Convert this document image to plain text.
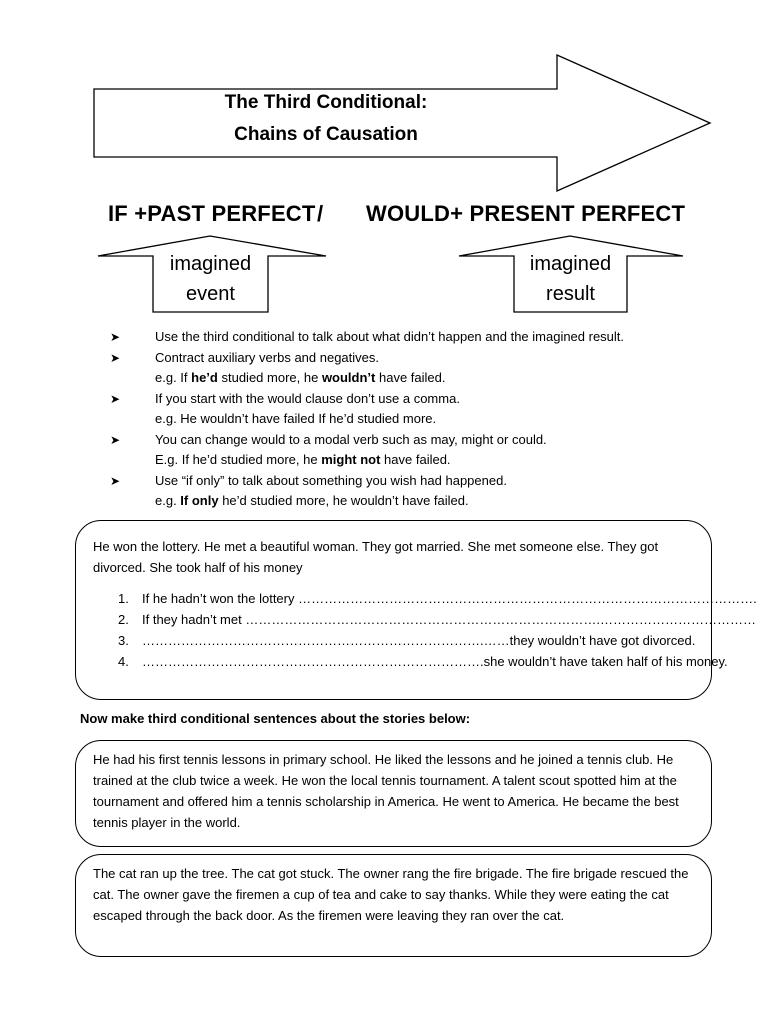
The Third Conditional:
Chains of Causation
IF +PAST PERFECT / WOULD+ PRESENT PERFECT
imagined
event
imagined
result
➤	Use the third conditional to talk about what didn’t happen and the imagined result.
➤	Contract auxiliary verbs and negatives.
e.g. If he’d studied more, he wouldn’t have failed.
➤	If you start with the would clause don’t use a comma.
e.g. He wouldn’t have failed If he’d studied more.
➤	You can change would to a modal verb such as may, might or could.
E.g. If he’d studied more, he might not have failed.
➤	Use “if only” to talk about something you wish had happened.
e.g. If only he’d studied more, he wouldn’t have failed.
He won the lottery. He met a beautiful woman. They got married. She met someone else. They got divorced. She took half of his money
1. If he hadn’t won the lottery …………………………………………………………………………………………….
2. If they hadn’t met ……………………………………………………………………….………………………………
3. …………………………………………………………………….……they wouldn’t have got divorced.
4. …………………………………………………………………….she wouldn’t have taken half of his money.
Now make third conditional sentences about the stories below:
He had his first tennis lessons in primary school. He liked the lessons and he joined a tennis club. He trained at the club twice a week. He won the local tennis tournament. A talent scout spotted him at the tournament and offered him a tennis scholarship in America. He went to America. He became the best tennis player in the world.
The cat ran up the tree. The cat got stuck. The owner rang the fire brigade. The fire brigade rescued the cat. The owner gave the firemen a cup of tea and cake to say thanks. While they were eating the cat escaped through the back door. As the firemen were leaving they ran over the cat.
